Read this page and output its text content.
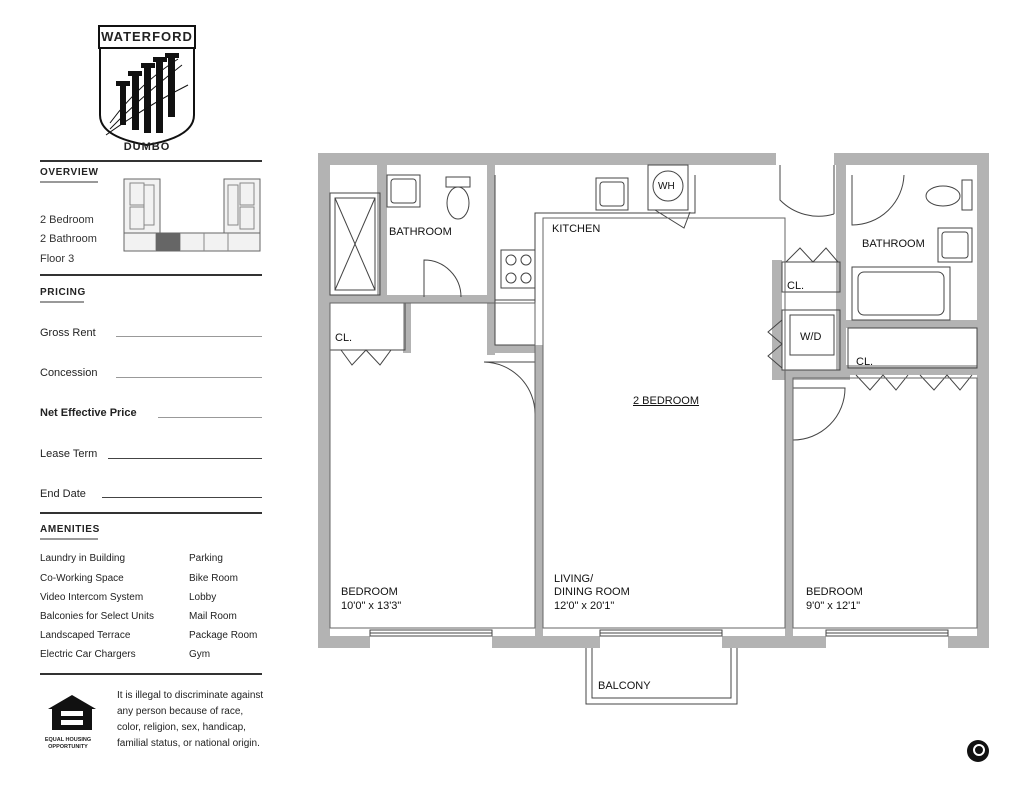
WATERFORD
DUMBO
OVERVIEW
2 Bedroom
2 Bathroom
Floor 3
PRICING
Gross Rent
Concession
Net Effective Price
Lease Term
End Date
AMENITIES
Laundry in Building
Co-Working Space
Video Intercom System
Balconies for Select Units
Landscaped Terrace
Electric Car Chargers
Parking
Bike Room
Lobby
Mail Room
Package Room
Gym
EQUAL HOUSING OPPORTUNITY
It is illegal to discriminate against any person because of race, color, religion, sex, handicap, familial status, or national origin.
BATHROOM	KITCHEN
WH
BATHROOM
CL.
CL.
CL.
W/D
2 BEDROOM
BEDROOM
10'0" x 13'3"
LIVING/
DINING ROOM
12'0" x 20'1"
BEDROOM
9'0" x 12'1"
BALCONY
